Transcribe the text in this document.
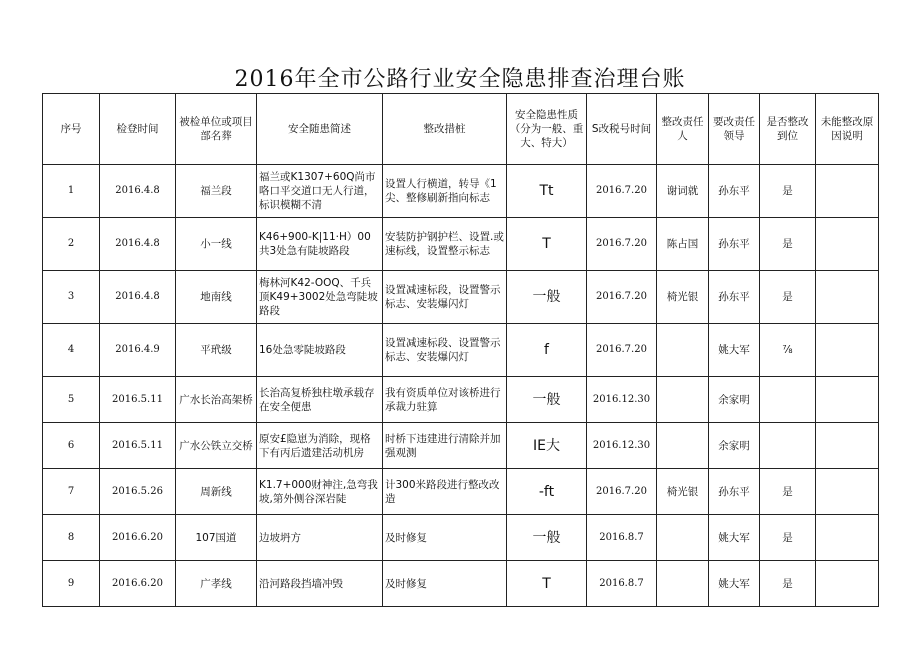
2016年全市公路行业安全隐患排查治理台账
序号	检登时间	被检单位或项目部名葬	安全随患简述	整改措桩	安全隐患性质（分为一般、重大、特大）	S改税号时间	整改责任人	要改责任领导	是否整改到位	未能整改原因说明
1	2016.4.8	福兰段	福兰或K1307+60Q尚市咯口平交道口无人行道，标识模糊不清	设置人行横道，转导《1尖、整修刷新指向标志	Tt	2016.7.20	谢词就	孙东平	是	
2	2016.4.8	小一线	K46+900-K|11·H）00共3处急有陡坡路段	安装防护钢护栏、设置.或速标线，设置整示标志	T	2016.7.20	陈占国	孙东平	是	
3	2016.4.8	地南线	梅林河K42-OOQ、千兵顶K49+3002处急弯陡坡路段	设置减速标段，设置警示标志、安装爆闪灯	一般	2016.7.20	椅光银	孙东平	是	
4	2016.4.9	平玳级	16处急零陡坡路段	设置减速标段、设置警示标志、安装爆闪灯	f	2016.7.20		姚大军	⅞	
5	2016.5.11	广水长治高架桥	长治高复桥独柱墩承载存在安全便患	我有资质单位对该桥进行承裁力驻算	一般	2016.12.30		余家明		
6	2016.5.11	广水公铁立交桥	原安£隐崽为消除，现格下有丙后遗建活动机房	时桥下违建进行清除并加强观测	IE大	2016.12.30		余家明		
7	2016.5.26	周新线	K1.7+000财神注,急弯我坡,第外侧谷深岩陡	计300米路段进行整改改造	-ft	2016.7.20	椅光银	孙东平	是	
8	2016.6.20	107国道	边坡坍方	及时修复	一般	2016.8.7		姚大军	是	
9	2016.6.20	广孝线	沿河路段挡墙冲毁	及时修复	T	2016.8.7		姚大军	是	
